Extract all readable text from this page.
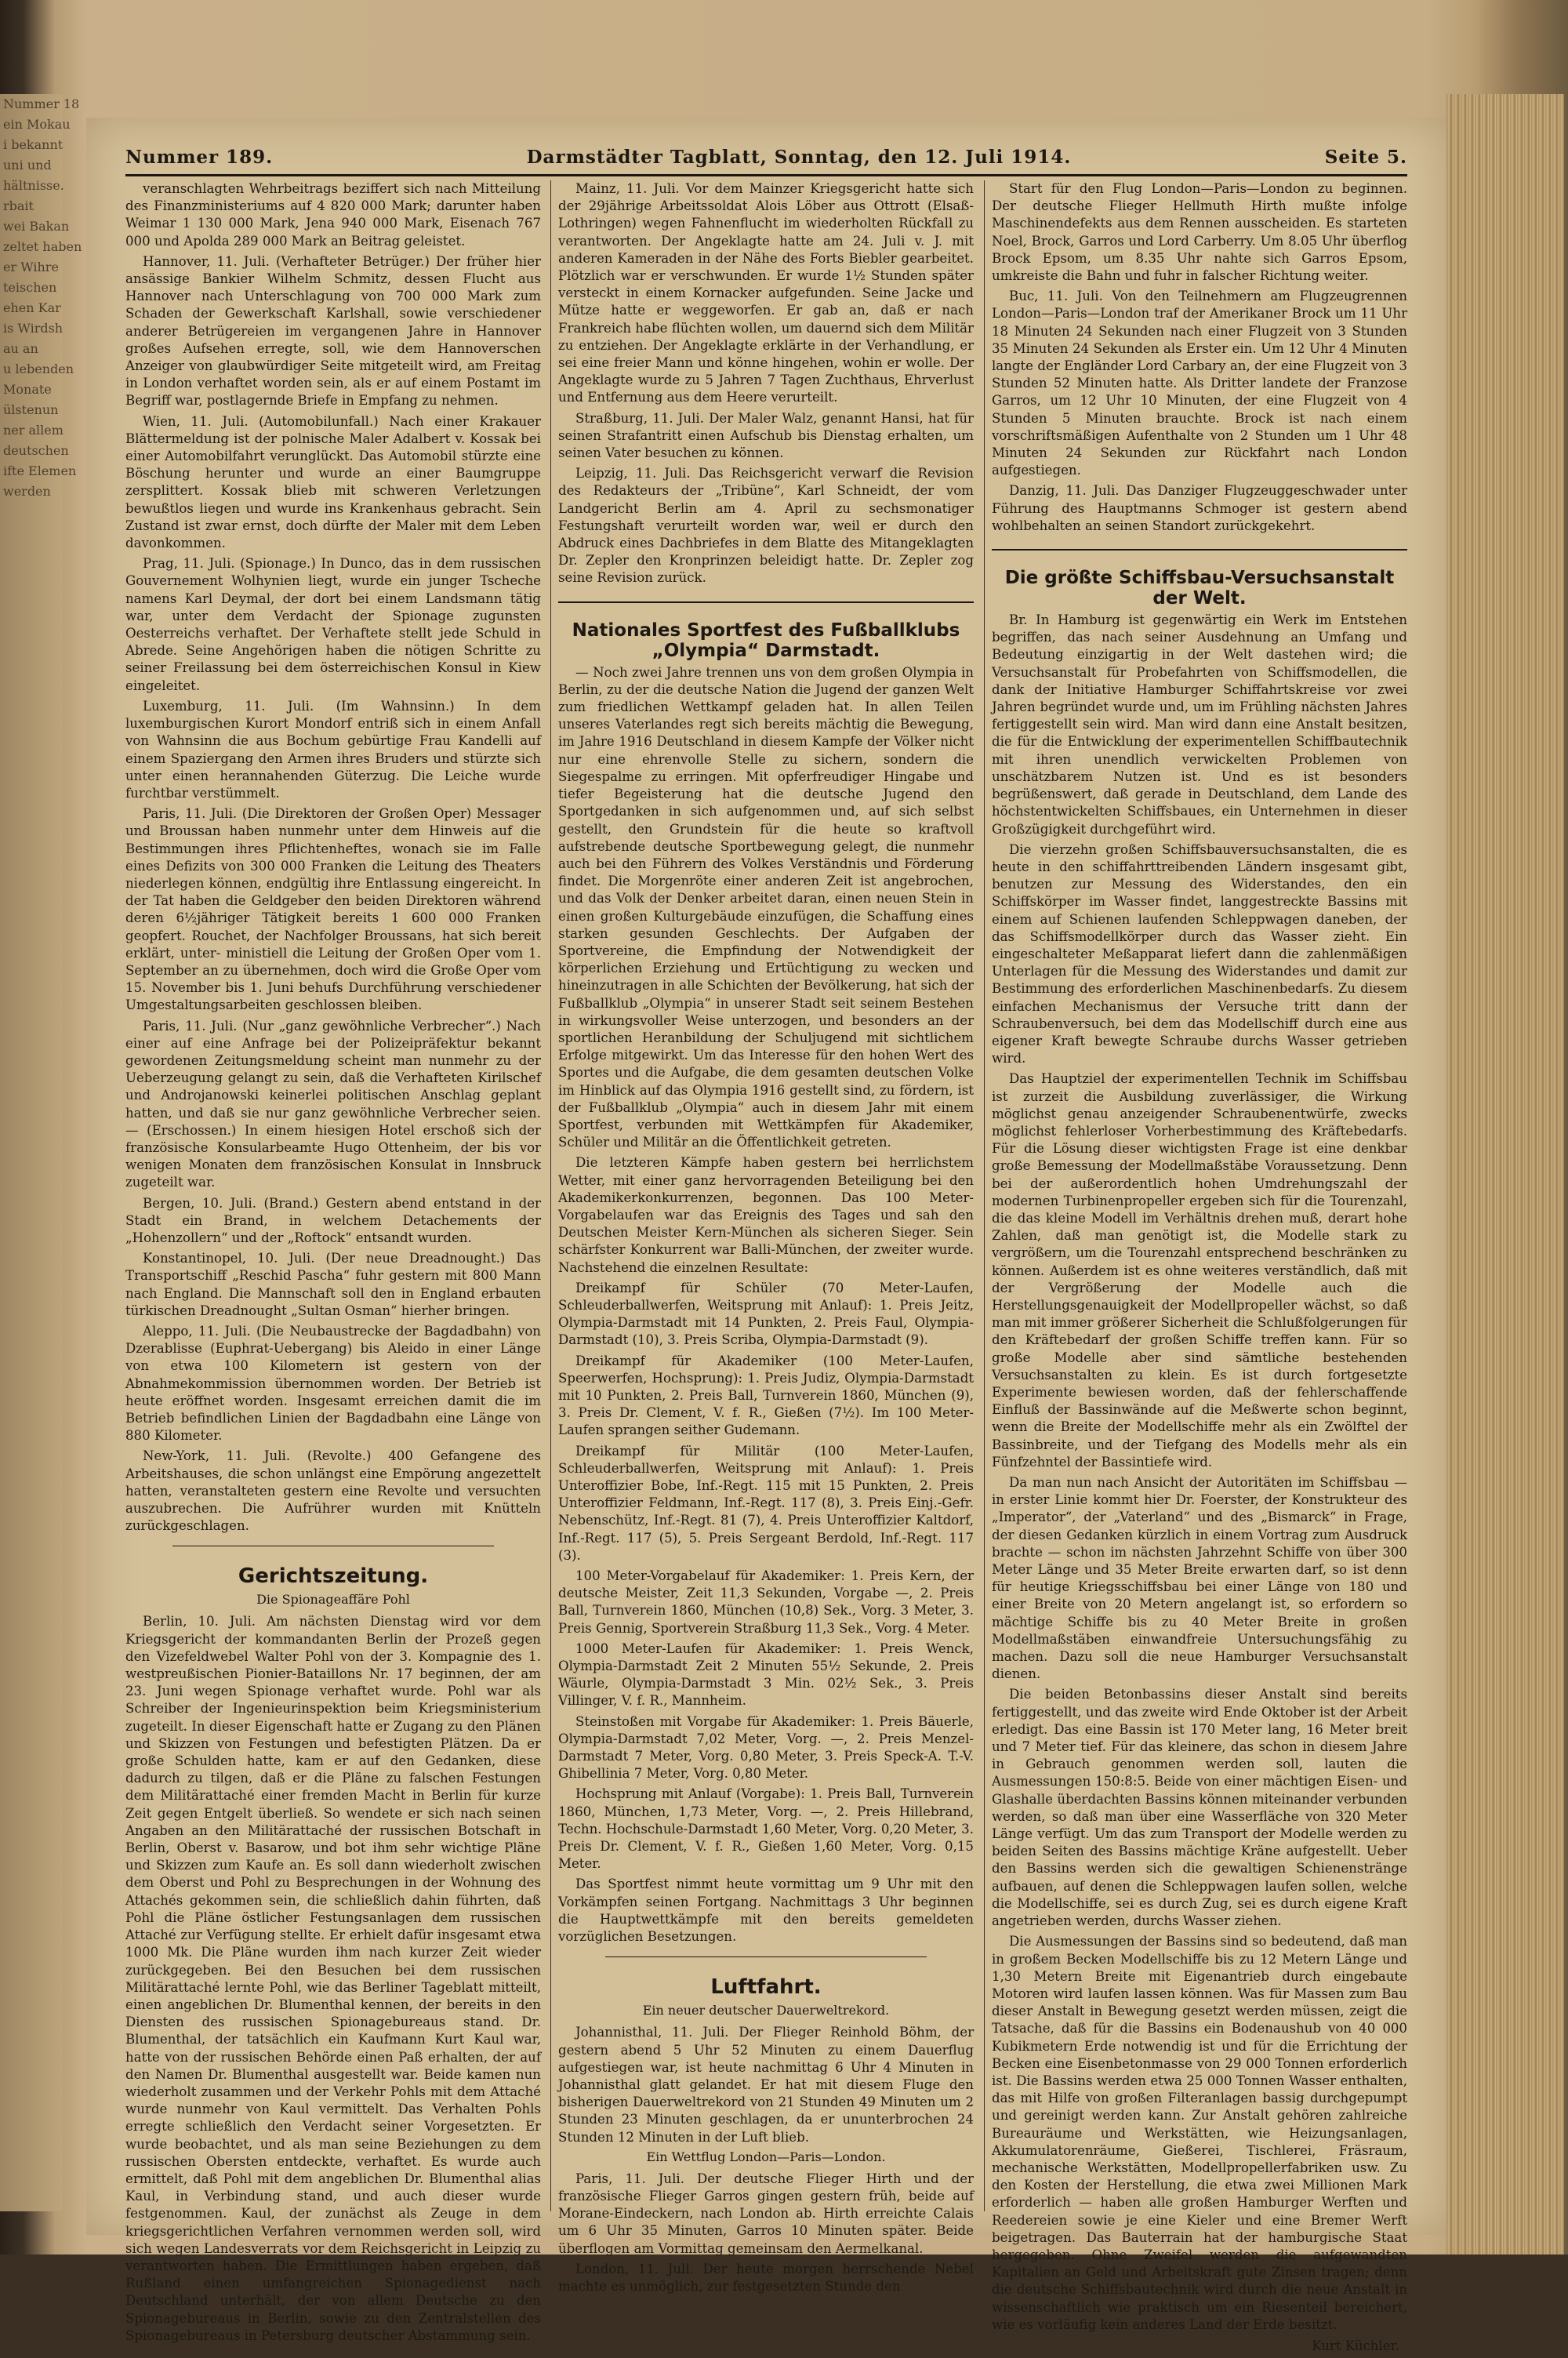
Nummer 18
ein Mokau
i bekannt
uni und
hältnisse.
rbait
wei Bakan
zeltet haben
er Wihre
teischen
ehen Kar
is Wirdsh
au an
u lebenden
Monate
ülstenun
ner allem
deutschen
ifte Elemen
werden
Nummer 189.	Darmstädter Tagblatt, Sonntag, den 12. Juli 1914.	Seite 5.

veranschlagten Wehrbeitrags beziffert sich nach Mitteilung des Finanzministeriums auf 4 820 000 Mark; darunter haben Weimar 1 130 000 Mark, Jena 940 000 Mark, Eisenach 767 000 und Apolda 289 000 Mark an Beitrag geleistet.

Hannover, 11. Juli. (Verhafteter Betrüger.) Der früher hier ansässige Bankier Wilhelm Schmitz, dessen Flucht aus Hannover nach Unterschlagung von 700 000 Mark zum Schaden der Gewerkschaft Karlshall, sowie verschiedener anderer Betrügereien im vergangenen Jahre in Hannover großes Aufsehen erregte, soll, wie dem Hannoverschen Anzeiger von glaubwürdiger Seite mitgeteilt wird, am Freitag in London verhaftet worden sein, als er auf einem Postamt im Begriff war, postlagernde Briefe in Empfang zu nehmen.

Wien, 11. Juli. (Automobilunfall.) Nach einer Krakauer Blättermeldung ist der polnische Maler Adalbert v. Kossak bei einer Automobilfahrt verunglückt. Das Automobil stürzte eine Böschung herunter und wurde an einer Baumgruppe zersplittert. Kossak blieb mit schweren Verletzungen bewußtlos liegen und wurde ins Krankenhaus gebracht. Sein Zustand ist zwar ernst, doch dürfte der Maler mit dem Leben davonkommen.

Prag, 11. Juli. (Spionage.) In Dunco, das in dem russischen Gouvernement Wolhynien liegt, wurde ein junger Tscheche namens Karl Deymal, der dort bei einem Landsmann tätig war, unter dem Verdacht der Spionage zugunsten Oesterreichs verhaftet. Der Verhaftete stellt jede Schuld in Abrede. Seine Angehörigen haben die nötigen Schritte zu seiner Freilassung bei dem österreichischen Konsul in Kiew eingeleitet.

Luxemburg, 11. Juli. (Im Wahnsinn.) In dem luxemburgischen Kurort Mondorf entriß sich in einem Anfall von Wahnsinn die aus Bochum gebürtige Frau Kandelli auf einem Spaziergang den Armen ihres Bruders und stürzte sich unter einen herannahenden Güterzug. Die Leiche wurde furchtbar verstümmelt.

Paris, 11. Juli. (Die Direktoren der Großen Oper) Messager und Broussan haben nunmehr unter dem Hinweis auf die Bestimmungen ihres Pflichtenheftes, wonach sie im Falle eines Defizits von 300 000 Franken die Leitung des Theaters niederlegen können, endgültig ihre Entlassung eingereicht. In der Tat haben die Geldgeber den beiden Direktoren während deren 6½jähriger Tätigkeit bereits 1 600 000 Franken geopfert. Rouchet, der Nachfolger Broussans, hat sich bereit erklärt, unter- ministiell die Leitung der Großen Oper vom 1. September an zu übernehmen, doch wird die Große Oper vom 15. November bis 1. Juni behufs Durchführung verschiedener Umgestaltungsarbeiten geschlossen bleiben.

Paris, 11. Juli. (Nur „ganz gewöhnliche Verbrecher“.) Nach einer auf eine Anfrage bei der Polizeipräfektur bekannt gewordenen Zeitungsmeldung scheint man nunmehr zu der Ueberzeugung gelangt zu sein, daß die Verhafteten Kirilschef und Androjanowski keinerlei politischen Anschlag geplant hatten, und daß sie nur ganz gewöhnliche Verbrecher seien. — (Erschossen.) In einem hiesigen Hotel erschoß sich der französische Konsularbeamte Hugo Ottenheim, der bis vor wenigen Monaten dem französischen Konsulat in Innsbruck zugeteilt war.

Bergen, 10. Juli. (Brand.) Gestern abend entstand in der Stadt ein Brand, in welchem Detachements der „Hohenzollern“ und der „Roftock“ entsandt wurden.

Konstantinopel, 10. Juli. (Der neue Dreadnought.) Das Transportschiff „Reschid Pascha“ fuhr gestern mit 800 Mann nach England. Die Mannschaft soll den in England erbauten türkischen Dreadnought „Sultan Osman“ hierher bringen.

Aleppo, 11. Juli. (Die Neubaustrecke der Bagdadbahn) von Dzerablisse (Euphrat-Uebergang) bis Aleido in einer Länge von etwa 100 Kilometern ist gestern von der Abnahmekommission übernommen worden. Der Betrieb ist heute eröffnet worden. Insgesamt erreichen damit die im Betrieb befindlichen Linien der Bagdadbahn eine Länge von 880 Kilometer.

New-York, 11. Juli. (Revolte.) 400 Gefangene des Arbeitshauses, die schon unlängst eine Empörung angezettelt hatten, veranstalteten gestern eine Revolte und versuchten auszubrechen. Die Aufrührer wurden mit Knütteln zurückgeschlagen.

Gerichtszeitung.
Die Spionageaffäre Pohl

Berlin, 10. Juli. Am nächsten Dienstag wird vor dem Kriegsgericht der kommandanten Berlin der Prozeß gegen den Vizefeldwebel Walter Pohl von der 3. Kompagnie des 1. westpreußischen Pionier-Bataillons Nr. 17 beginnen, der am 23. Juni wegen Spionage verhaftet wurde. Pohl war als Schreiber der Ingenieurinspektion beim Kriegsministerium zugeteilt. In dieser Eigenschaft hatte er Zugang zu den Plänen und Skizzen von Festungen und befestigten Plätzen. Da er große Schulden hatte, kam er auf den Gedanken, diese dadurch zu tilgen, daß er die Pläne zu falschen Festungen dem Militärattaché einer fremden Macht in Berlin für kurze Zeit gegen Entgelt überließ. So wendete er sich nach seinen Angaben an den Militärattaché der russischen Botschaft in Berlin, Oberst v. Basarow, und bot ihm sehr wichtige Pläne und Skizzen zum Kaufe an. Es soll dann wiederholt zwischen dem Oberst und Pohl zu Besprechungen in der Wohnung des Attachés gekommen sein, die schließlich dahin führten, daß Pohl die Pläne östlicher Festungsanlagen dem russischen Attaché zur Verfügung stellte. Er erhielt dafür insgesamt etwa 1000 Mk. Die Pläne wurden ihm nach kurzer Zeit wieder zurückgegeben. Bei den Besuchen bei dem russischen Militärattaché lernte Pohl, wie das Berliner Tageblatt mitteilt, einen angeblichen Dr. Blumenthal kennen, der bereits in den Diensten des russischen Spionagebureaus stand. Dr. Blumenthal, der tatsächlich ein Kaufmann Kurt Kaul war, hatte von der russischen Behörde einen Paß erhalten, der auf den Namen Dr. Blumenthal ausgestellt war. Beide kamen nun wiederholt zusammen und der Verkehr Pohls mit dem Attaché wurde nunmehr von Kaul vermittelt. Das Verhalten Pohls erregte schließlich den Verdacht seiner Vorgesetzten. Er wurde beobachtet, und als man seine Beziehungen zu dem russischen Obersten entdeckte, verhaftet. Es wurde auch ermittelt, daß Pohl mit dem angeblichen Dr. Blumenthal alias Kaul, in Verbindung stand, und auch dieser wurde festgenommen. Kaul, der zunächst als Zeuge in dem kriegsgerichtlichen Verfahren vernommen werden soll, wird sich wegen Landesverrats vor dem Reichsgericht in Leipzig zu verantworten haben. Die Ermittlungen haben ergeben, daß Rußland einen umfangreichen Spionagedienst nach Deutschland unterhält, der von allem Deutsche zu den Spionagebureaus in Berlin, sowie zu den Zentralstellen des Spionagebureaus in Petersburg deutscher Abstammung sein.

Mainz, 11. Juli. Vor dem Mainzer Kriegsgericht hatte sich der 29jährige Arbeitssoldat Alois Löber aus Ottrott (Elsaß-Lothringen) wegen Fahnenflucht im wiederholten Rückfall zu verantworten. Der Angeklagte hatte am 24. Juli v. J. mit anderen Kameraden in der Nähe des Forts Biebler gearbeitet. Plötzlich war er verschwunden. Er wurde 1½ Stunden später versteckt in einem Kornacker aufgefunden. Seine Jacke und Mütze hatte er weggeworfen. Er gab an, daß er nach Frankreich habe flüchten wollen, um dauernd sich dem Militär zu entziehen. Der Angeklagte erklärte in der Verhandlung, er sei eine freier Mann und könne hingehen, wohin er wolle. Der Angeklagte wurde zu 5 Jahren 7 Tagen Zuchthaus, Ehrverlust und Entfernung aus dem Heere verurteilt.

Straßburg, 11. Juli. Der Maler Walz, genannt Hansi, hat für seinen Strafantritt einen Aufschub bis Dienstag erhalten, um seinen Vater besuchen zu können.

Leipzig, 11. Juli. Das Reichsgericht verwarf die Revision des Redakteurs der „Tribüne“, Karl Schneidt, der vom Landgericht Berlin am 4. April zu sechsmonatiger Festungshaft verurteilt worden war, weil er durch den Abdruck eines Dachbriefes in dem Blatte des Mitangeklagten Dr. Zepler den Kronprinzen beleidigt hatte. Dr. Zepler zog seine Revision zurück.

Nationales Sportfest des Fußballklubs „Olympia“ Darmstadt.

— Noch zwei Jahre trennen uns von dem großen Olympia in Berlin, zu der die deutsche Nation die Jugend der ganzen Welt zum friedlichen Wettkampf geladen hat. In allen Teilen unseres Vaterlandes regt sich bereits mächtig die Bewegung, im Jahre 1916 Deutschland in diesem Kampfe der Völker nicht nur eine ehrenvolle Stelle zu sichern, sondern die Siegespalme zu erringen. Mit opferfreudiger Hingabe und tiefer Begeisterung hat die deutsche Jugend den Sportgedanken in sich aufgenommen und, auf sich selbst gestellt, den Grundstein für die heute so kraftvoll aufstrebende deutsche Sportbewegung gelegt, die nunmehr auch bei den Führern des Volkes Verständnis und Förderung findet. Die Morgenröte einer anderen Zeit ist angebrochen, und das Volk der Denker arbeitet daran, einen neuen Stein in einen großen Kulturgebäude einzufügen, die Schaffung eines starken gesunden Geschlechts. Der Aufgaben der Sportvereine, die Empfindung der Notwendigkeit der körperlichen Erziehung und Ertüchtigung zu wecken und hineinzutragen in alle Schichten der Bevölkerung, hat sich der Fußballklub „Olympia“ in unserer Stadt seit seinem Bestehen in wirkungsvoller Weise unterzogen, und besonders an der sportlichen Heranbildung der Schuljugend mit sichtlichem Erfolge mitgewirkt. Um das Interesse für den hohen Wert des Sportes und die Aufgabe, die dem gesamten deutschen Volke im Hinblick auf das Olympia 1916 gestellt sind, zu fördern, ist der Fußballklub „Olympia“ auch in diesem Jahr mit einem Sportfest, verbunden mit Wettkämpfen für Akademiker, Schüler und Militär an die Öffentlichkeit getreten.

Die letzteren Kämpfe haben gestern bei herrlichstem Wetter, mit einer ganz hervorragenden Beteiligung bei den Akademikerkonkurrenzen, begonnen. Das 100 Meter-Vorgabelaufen war das Ereignis des Tages und sah den Deutschen Meister Kern-München als sicheren Sieger. Sein schärfster Konkurrent war Balli-München, der zweiter wurde. Nachstehend die einzelnen Resultate:

Dreikampf für Schüler (70 Meter-Laufen, Schleuderballwerfen, Weitsprung mit Anlauf): 1. Preis Jeitz, Olympia-Darmstadt mit 14 Punkten, 2. Preis Faul, Olympia-Darmstadt (10), 3. Preis Scriba, Olympia-Darmstadt (9).

Dreikampf für Akademiker (100 Meter-Laufen, Speerwerfen, Hochsprung): 1. Preis Judiz, Olympia-Darmstadt mit 10 Punkten, 2. Preis Ball, Turnverein 1860, München (9), 3. Preis Dr. Clement, V. f. R., Gießen (7½). Im 100 Meter-Laufen sprangen seither Gudemann.

Dreikampf für Militär (100 Meter-Laufen, Schleuderballwerfen, Weitsprung mit Anlauf): 1. Preis Unteroffizier Bobe, Inf.-Regt. 115 mit 15 Punkten, 2. Preis Unteroffizier Feldmann, Inf.-Regt. 117 (8), 3. Preis Einj.-Gefr. Nebenschütz, Inf.-Regt. 81 (7), 4. Preis Unteroffizier Kaltdorf, Inf.-Regt. 117 (5), 5. Preis Sergeant Berdold, Inf.-Regt. 117 (3).

100 Meter-Vorgabelauf für Akademiker: 1. Preis Kern, der deutsche Meister, Zeit 11,3 Sekunden, Vorgabe —, 2. Preis Ball, Turnverein 1860, München (10,8) Sek., Vorg. 3 Meter, 3. Preis Gennig, Sportverein Straßburg 11,3 Sek., Vorg. 4 Meter.

1000 Meter-Laufen für Akademiker: 1. Preis Wenck, Olympia-Darmstadt Zeit 2 Minuten 55½ Sekunde, 2. Preis Wäurle, Olympia-Darmstadt 3 Min. 02½ Sek., 3. Preis Villinger, V. f. R., Mannheim.

Steinstoßen mit Vorgabe für Akademiker: 1. Preis Bäuerle, Olympia-Darmstadt 7,02 Meter, Vorg. —, 2. Preis Menzel-Darmstadt 7 Meter, Vorg. 0,80 Meter, 3. Preis Speck-A. T.-V. Ghibellinia 7 Meter, Vorg. 0,80 Meter.

Hochsprung mit Anlauf (Vorgabe): 1. Preis Ball, Turnverein 1860, München, 1,73 Meter, Vorg. —, 2. Preis Hillebrand, Techn. Hochschule-Darmstadt 1,60 Meter, Vorg. 0,20 Meter, 3. Preis Dr. Clement, V. f. R., Gießen 1,60 Meter, Vorg. 0,15 Meter.

Das Sportfest nimmt heute vormittag um 9 Uhr mit den Vorkämpfen seinen Fortgang. Nachmittags 3 Uhr beginnen die Hauptwettkämpfe mit den bereits gemeldeten vorzüglichen Besetzungen.

Luftfahrt.
Ein neuer deutscher Dauerweltrekord.

Johannisthal, 11. Juli. Der Flieger Reinhold Böhm, der gestern abend 5 Uhr 52 Minuten zu einem Dauerflug aufgestiegen war, ist heute nachmittag 6 Uhr 4 Minuten in Johannisthal glatt gelandet. Er hat mit diesem Fluge den bisherigen Dauerweltrekord von 21 Stunden 49 Minuten um 2 Stunden 23 Minuten geschlagen, da er ununterbrochen 24 Stunden 12 Minuten in der Luft blieb.

Ein Wettflug London—Paris—London.

Paris, 11. Juli. Der deutsche Flieger Hirth und der französische Flieger Garros gingen gestern früh, beide auf Morane-Eindeckern, nach London ab. Hirth erreichte Calais um 6 Uhr 35 Minuten, Garros 10 Minuten später. Beide überflogen am Vormittag gemeinsam den Aermelkanal.

London, 11. Juli. Der heute morgen herrschende Nebel machte es unmöglich, zur festgesetzten Stunde den

Start für den Flug London—Paris—London zu beginnen. Der deutsche Flieger Hellmuth Hirth mußte infolge Maschinendefekts aus dem Rennen ausscheiden. Es starteten Noel, Brock, Garros und Lord Carberry. Um 8.05 Uhr überflog Brock Epsom, um 8.35 Uhr nahte sich Garros Epsom, umkreiste die Bahn und fuhr in falscher Richtung weiter.

Buc, 11. Juli. Von den Teilnehmern am Flugzeugrennen London—Paris—London traf der Amerikaner Brock um 11 Uhr 18 Minuten 24 Sekunden nach einer Flugzeit von 3 Stunden 35 Minuten 24 Sekunden als Erster ein. Um 12 Uhr 4 Minuten langte der Engländer Lord Carbary an, der eine Flugzeit von 3 Stunden 52 Minuten hatte. Als Dritter landete der Franzose Garros, um 12 Uhr 10 Minuten, der eine Flugzeit von 4 Stunden 5 Minuten brauchte. Brock ist nach einem vorschriftsmäßigen Aufenthalte von 2 Stunden um 1 Uhr 48 Minuten 24 Sekunden zur Rückfahrt nach London aufgestiegen.

Danzig, 11. Juli. Das Danziger Flugzeuggeschwader unter Führung des Hauptmanns Schmoger ist gestern abend wohlbehalten an seinen Standort zurückgekehrt.

Die größte Schiffsbau-Versuchsanstalt der Welt.

Br. In Hamburg ist gegenwärtig ein Werk im Entstehen begriffen, das nach seiner Ausdehnung an Umfang und Bedeutung einzigartig in der Welt dastehen wird; die Versuchsanstalt für Probefahrten von Schiffsmodellen, die dank der Initiative Hamburger Schiffahrtskreise vor zwei Jahren begründet wurde und, um im Frühling nächsten Jahres fertiggestellt sein wird. Man wird dann eine Anstalt besitzen, die für die Entwicklung der experimentellen Schiffbautechnik mit ihren unendlich verwickelten Problemen von unschätzbarem Nutzen ist. Und es ist besonders begrüßenswert, daß gerade in Deutschland, dem Lande des höchstentwickelten Schiffsbaues, ein Unternehmen in dieser Großzügigkeit durchgeführt wird.

Die vierzehn großen Schiffsbauversuchsanstalten, die es heute in den schiffahrttreibenden Ländern insgesamt gibt, benutzen zur Messung des Widerstandes, den ein Schiffskörper im Wasser findet, langgestreckte Bassins mit einem auf Schienen laufenden Schleppwagen daneben, der das Schiffsmodellkörper durch das Wasser zieht. Ein eingeschalteter Meßapparat liefert dann die zahlenmäßigen Unterlagen für die Messung des Widerstandes und damit zur Bestimmung des erforderlichen Maschinenbedarfs. Zu diesem einfachen Mechanismus der Versuche tritt dann der Schraubenversuch, bei dem das Modellschiff durch eine aus eigener Kraft bewegte Schraube durchs Wasser getrieben wird.

Das Hauptziel der experimentellen Technik im Schiffsbau ist zurzeit die Ausbildung zuverlässiger, die Wirkung möglichst genau anzeigender Schraubenentwürfe, zwecks möglichst fehlerloser Vorherbestimmung des Kräftebedarfs. Für die Lösung dieser wichtigsten Frage ist eine denkbar große Bemessung der Modellmaßstäbe Voraussetzung. Denn bei der außerordentlich hohen Umdrehungszahl der modernen Turbinenpropeller ergeben sich für die Tourenzahl, die das kleine Modell im Verhältnis drehen muß, derart hohe Zahlen, daß man genötigt ist, die Modelle stark zu vergrößern, um die Tourenzahl entsprechend beschränken zu können. Außerdem ist es ohne weiteres verständlich, daß mit der Vergrößerung der Modelle auch die Herstellungsgenauigkeit der Modellpropeller wächst, so daß man mit immer größerer Sicherheit die Schlußfolgerungen für den Kräftebedarf der großen Schiffe treffen kann. Für so große Modelle aber sind sämtliche bestehenden Versuchsanstalten zu klein. Es ist durch fortgesetzte Experimente bewiesen worden, daß der fehlerschaffende Einfluß der Bassinwände auf die Meßwerte schon beginnt, wenn die Breite der Modellschiffe mehr als ein Zwölftel der Bassinbreite, und der Tiefgang des Modells mehr als ein Fünfzehntel der Bassintiefe wird.

Da man nun nach Ansicht der Autoritäten im Schiffsbau — in erster Linie kommt hier Dr. Foerster, der Konstrukteur des „Imperator“, der „Vaterland“ und des „Bismarck“ in Frage, der diesen Gedanken kürzlich in einem Vortrag zum Ausdruck brachte — schon im nächsten Jahrzehnt Schiffe von über 300 Meter Länge und 35 Meter Breite erwarten darf, so ist denn für heutige Kriegsschiffsbau bei einer Länge von 180 und einer Breite von 20 Metern angelangt ist, so erfordern so mächtige Schiffe bis zu 40 Meter Breite in großen Modellmaßstäben einwandfreie Untersuchungsfähig zu machen. Dazu soll die neue Hamburger Versuchsanstalt dienen.

Die beiden Betonbassins dieser Anstalt sind bereits fertiggestellt, und das zweite wird Ende Oktober ist der Arbeit erledigt. Das eine Bassin ist 170 Meter lang, 16 Meter breit und 7 Meter tief. Für das kleinere, das schon in diesem Jahre in Gebrauch genommen werden soll, lauten die Ausmessungen 150:8:5. Beide von einer mächtigen Eisen- und Glashalle überdachten Bassins können miteinander verbunden werden, so daß man über eine Wasserfläche von 320 Meter Länge verfügt. Um das zum Transport der Modelle werden zu beiden Seiten des Bassins mächtige Kräne aufgestellt. Ueber den Bassins werden sich die gewaltigen Schienenstränge aufbauen, auf denen die Schleppwagen laufen sollen, welche die Modellschiffe, sei es durch Zug, sei es durch eigene Kraft angetrieben werden, durchs Wasser ziehen.

Die Ausmessungen der Bassins sind so bedeutend, daß man in großem Becken Modellschiffe bis zu 12 Metern Länge und 1,30 Metern Breite mit Eigenantrieb durch eingebaute Motoren wird laufen lassen können. Was für Massen zum Bau dieser Anstalt in Bewegung gesetzt werden müssen, zeigt die Tatsache, daß für die Bassins ein Bodenaushub von 40 000 Kubikmetern Erde notwendig ist und für die Errichtung der Becken eine Eisenbetonmasse von 29 000 Tonnen erforderlich ist. Die Bassins werden etwa 25 000 Tonnen Wasser enthalten, das mit Hilfe von großen Filteranlagen bassig durchgepumpt und gereinigt werden kann. Zur Anstalt gehören zahlreiche Bureauräume und Werkstätten, wie Heizungsanlagen, Akkumulatorenräume, Gießerei, Tischlerei, Fräsraum, mechanische Werkstätten, Modellpropellerfabriken usw. Zu den Kosten der Herstellung, die etwa zwei Millionen Mark erforderlich — haben alle großen Hamburger Werften und Reedereien sowie je eine Kieler und eine Bremer Werft beigetragen. Das Bauterrain hat der hamburgische Staat hergegeben. Ohne Zweifel werden die aufgewandten Kapitalien an Geld und Arbeitskraft gute Zinsen tragen; denn die deutsche Schiffsbautechnik wird durch die neue Anstalt in wissenschaftlich wie praktisch um ein Riesenteil bereichert, wie es vorläufig kein anderes Land der Erde besitzt.

Kurt Küchler.
